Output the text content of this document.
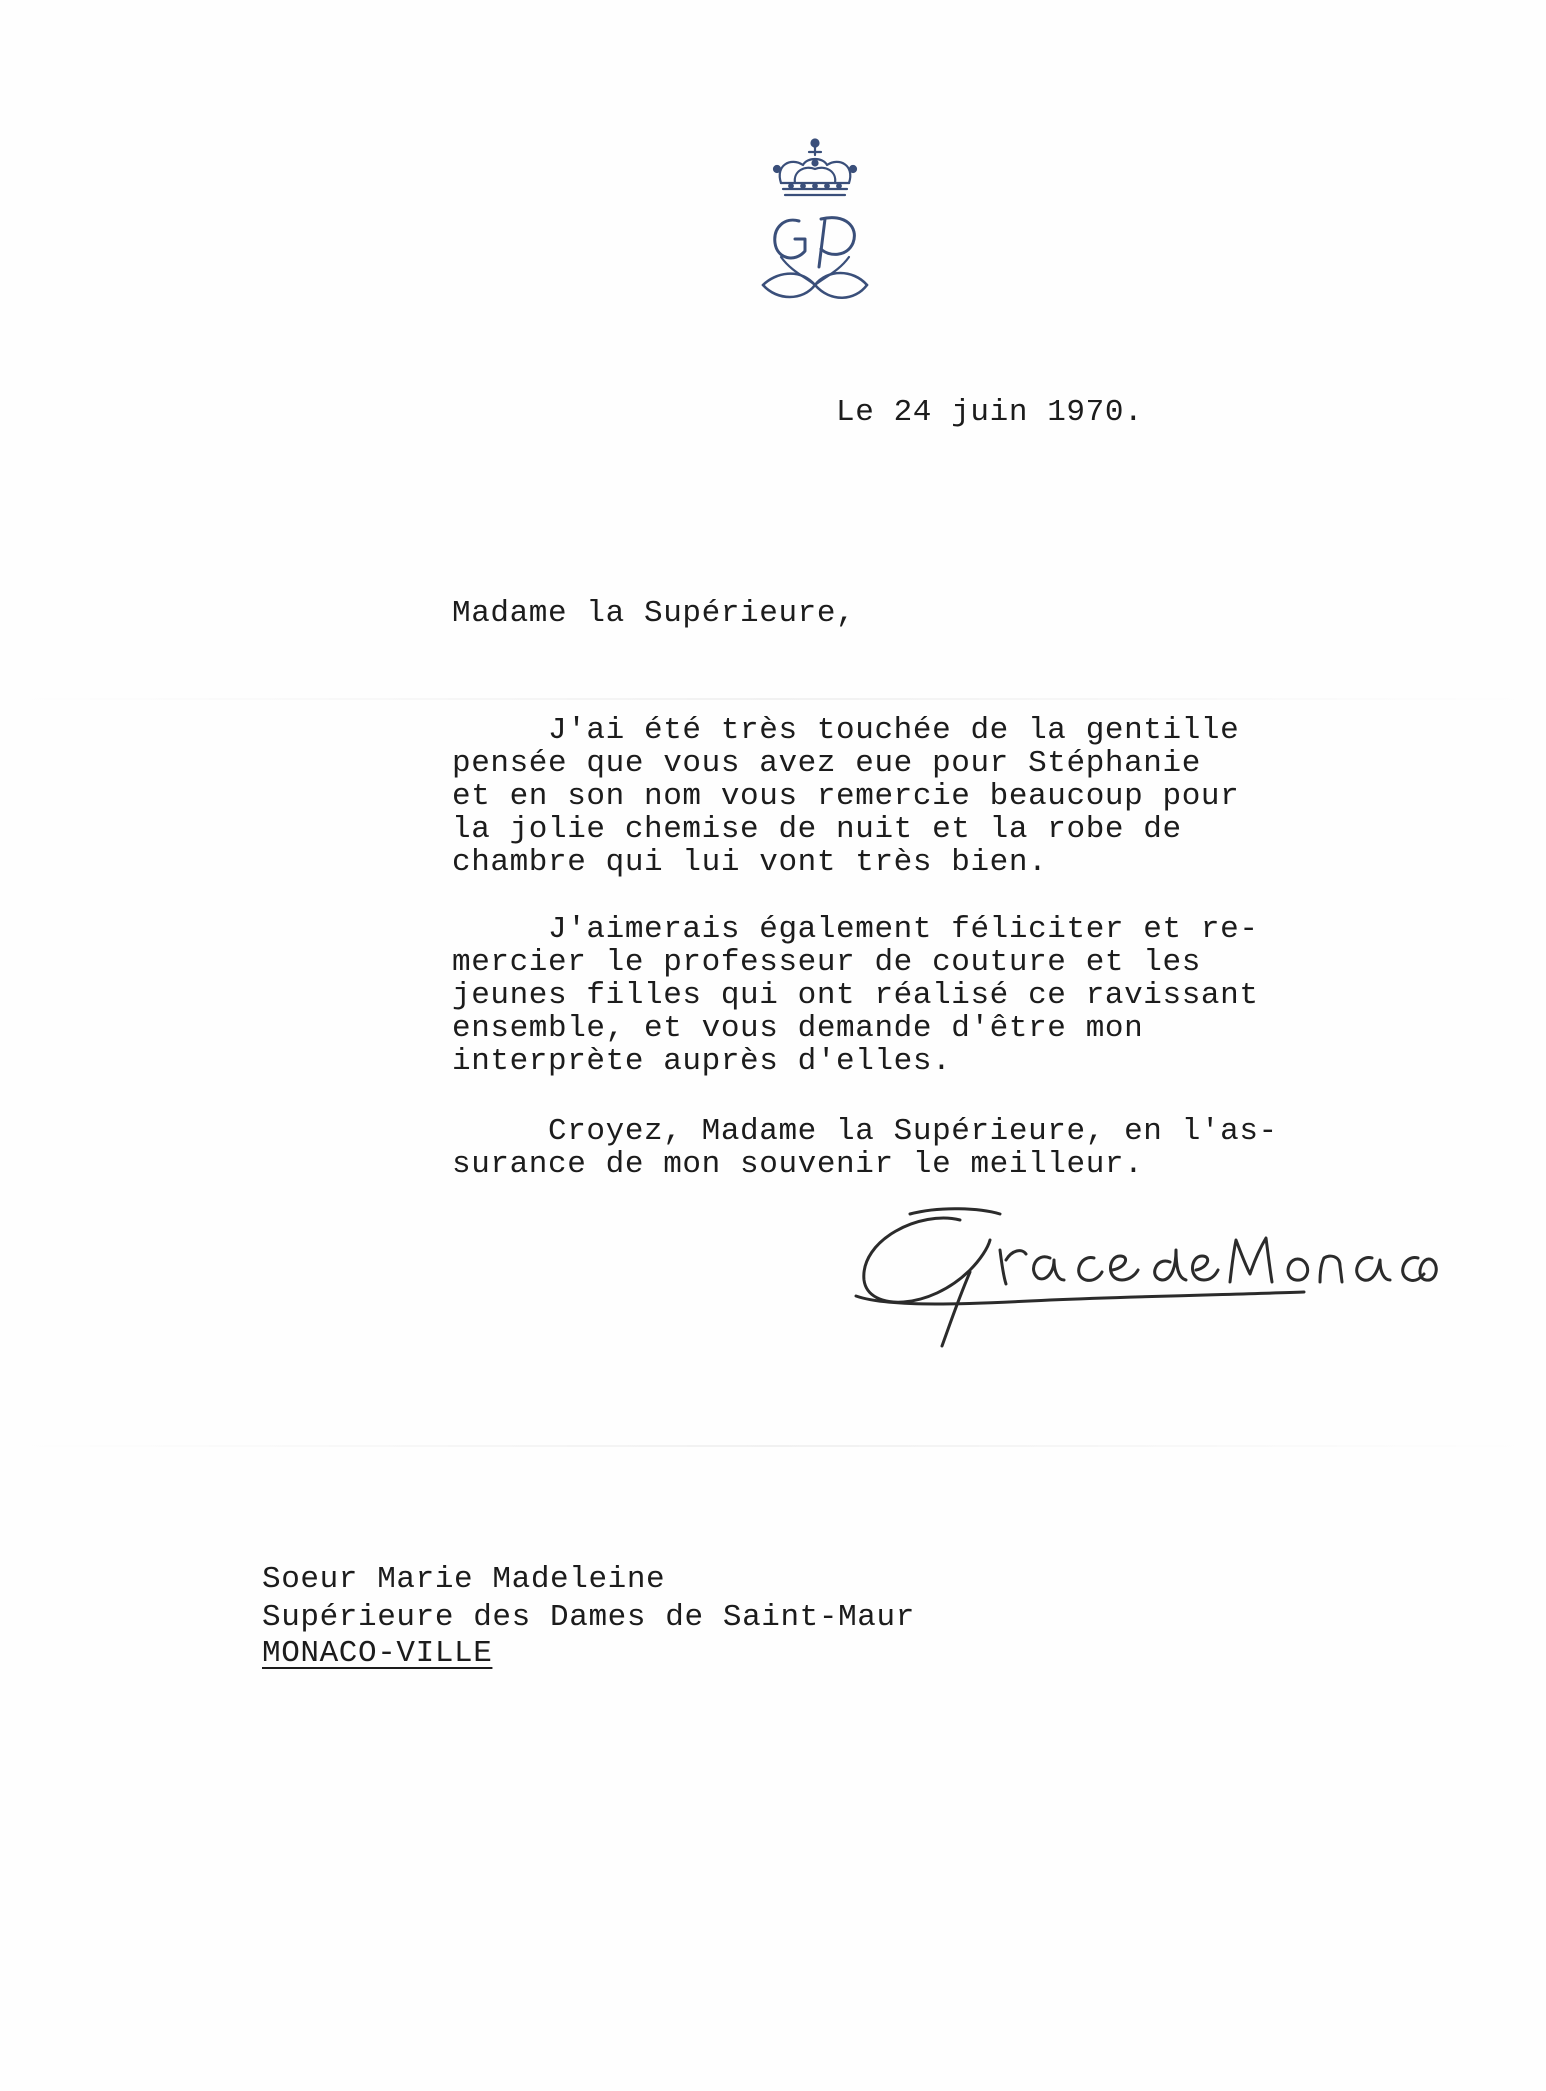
Le 24 juin 1970.
Madame la Supérieure,
J'ai été très touchée de la gentille
pensée que vous avez eue pour Stéphanie
et en son nom vous remercie beaucoup pour
la jolie chemise de nuit et la robe de
chambre qui lui vont très bien.
J'aimerais également féliciter et re-
mercier le professeur de couture et les
jeunes filles qui ont réalisé ce ravissant
ensemble, et vous demande d'être mon
interprète auprès d'elles.
Croyez, Madame la Supérieure, en l'as-
surance de mon souvenir le meilleur.
Soeur Marie Madeleine
Supérieure des Dames de Saint-Maur
MONACO-VILLE
